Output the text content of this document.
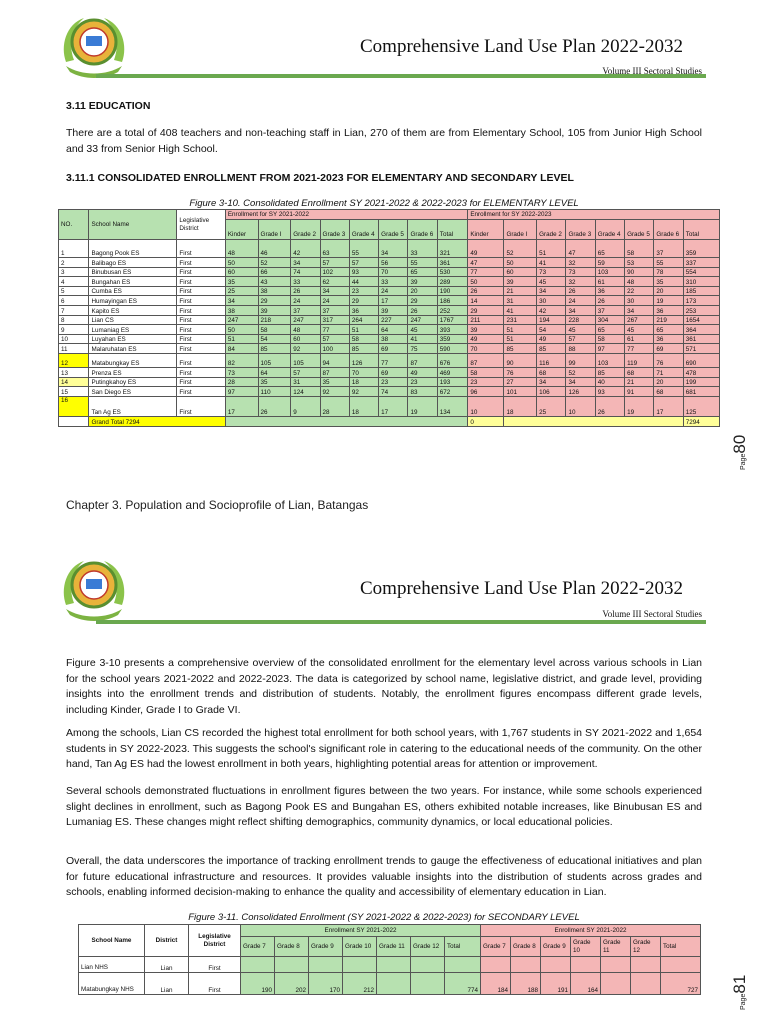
Comprehensive Land Use Plan 2022-2032
Volume III Sectoral Studies
3.11 EDUCATION
There are a total of 408 teachers and non-teaching staff in Lian, 270 of them are from Elementary School, 105 from Junior High School and 33 from Senior High School.
3.11.1 CONSOLIDATED ENROLLMENT FROM 2021-2023 FOR ELEMENTARY AND SECONDARY LEVEL
Figure 3-10. Consolidated Enrollment SY 2021-2022 & 2022-2023 for ELEMENTARY LEVEL
NO.	School Name	Legislative District	Enrollment for SY 2021-2022								Enrollment for SY 2022-2023							
			Kinder	Grade I	Grade 2	Grade 3	Grade 4	Grade 5	Grade 6	Total	Kinder	Grade I	Grade 2	Grade 3	Grade 4	Grade 5	Grade 6	Total
1	Bagong Pook ES	First	48	46	42	63	55	34	33	321	49	52	51	47	65	58	37	359
2	Balibago ES	First	50	52	34	57	57	56	55	361	47	50	41	32	59	53	55	337
3	Binubusan ES	First	60	66	74	102	93	70	65	530	77	60	73	73	103	90	78	554
4	Bungahan ES	First	35	43	33	62	44	33	39	289	50	39	45	32	61	48	35	310
5	Cumba ES	First	25	38	26	34	23	24	20	190	26	21	34	26	36	22	20	185
6	Humayingan ES	First	34	29	24	24	29	17	29	186	14	31	30	24	26	30	19	173
7	Kapito ES	First	38	39	37	37	36	39	26	252	29	41	42	34	37	34	36	253
8	Lian CS	First	247	218	247	317	264	227	247	1767	211	231	194	228	304	267	219	1654
9	Lumaniag ES	First	50	58	48	77	51	64	45	393	39	51	54	45	65	45	65	364
10	Luyahan ES	First	51	54	60	57	58	38	41	359	49	51	49	57	58	61	36	361
11	Malaruhatan ES	First	84	85	92	100	85	69	75	590	70	85	85	88	97	77	69	571
12	Matabungkay ES	First	82	105	105	94	126	77	87	676	87	90	116	99	103	119	76	690
13	Prenza ES	First	73	64	57	87	70	69	49	469	58	76	68	52	85	68	71	478
14	Putingkahoy ES	First	28	35	31	35	18	23	23	193	23	27	34	34	40	21	20	199
15	San Diego ES	First	97	110	124	92	92	74	83	672	96	101	106	126	93	91	68	681
16	Tan Ag ES	First	17	26	9	28	18	17	19	134	10	18	25	10	26	19	17	125
	Grand Total 7294										0							7294
Chapter 3. Population and Socioprofile of Lian, Batangas
Page80
Comprehensive Land Use Plan 2022-2032
Volume III Sectoral Studies
Figure 3-10 presents a comprehensive overview of the consolidated enrollment for the elementary level across various schools in Lian for the school years 2021-2022 and 2022-2023. The data is categorized by school name, legislative district, and grade level, providing insights into the enrollment trends and distribution of students. Notably, the enrollment figures encompass different grade levels, including Kinder, Grade I to Grade VI.
Among the schools, Lian CS recorded the highest total enrollment for both school years, with 1,767 students in SY 2021-2022 and 1,654 students in SY 2022-2023. This suggests the school's significant role in catering to the educational needs of the community. On the other hand, Tan Ag ES had the lowest enrollment in both years, highlighting potential areas for attention or improvement.
Several schools demonstrated fluctuations in enrollment figures between the two years. For instance, while some schools experienced slight declines in enrollment, such as Bagong Pook ES and Bungahan ES, others exhibited notable increases, like Binubusan ES and Lumaniag ES. These changes might reflect shifting demographics, community dynamics, or local educational policies.
Overall, the data underscores the importance of tracking enrollment trends to gauge the effectiveness of educational initiatives and plan for future educational infrastructure and resources. It provides valuable insights into the distribution of students across grades and schools, enabling informed decision-making to enhance the quality and accessibility of elementary education in Lian.
Figure 3-11. Consolidated Enrollment (SY 2021-2022 & 2022-2023) for SECONDARY LEVEL
School Name	District	Legislative District	Enrollment SY 2021-2022							Enrollment SY 2021-2022						
			Grade 7	Grade 8	Grade 9	Grade 10	Grade 11	Grade 12	Total	Grade 7	Grade 8	Grade 9	Grade 10	Grade 11	Grade 12	Total
Lian NHS	Lian	First														
Matabungkay NHS	Lian	First	190	202	170	212			774	184	188	191	164			727
Page81
